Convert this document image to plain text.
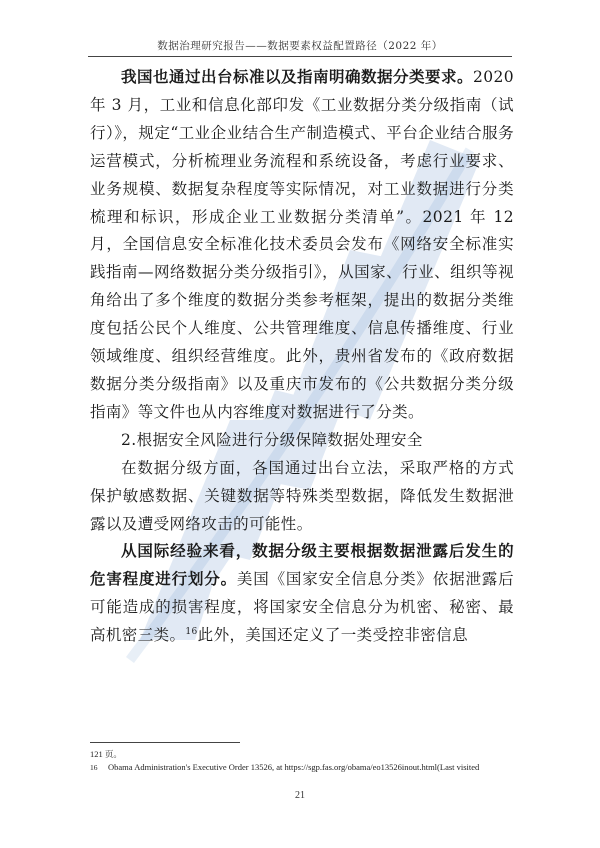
数据治理研究报告——数据要素权益配置路径（2022 年）

我国也通过出台标准以及指南明确数据分类要求。2020 年 3 月，工业和信息化部印发《工业数据分类分级指南（试行）》，规定“工业企业结合生产制造模式、平台企业结合服务运营模式，分析梳理业务流程和系统设备，考虑行业要求、业务规模、数据复杂程度等实际情况，对工业数据进行分类梳理和标识，形成企业工业数据分类清单”。2021 年 12 月，全国信息安全标准化技术委员会发布《网络安全标准实践指南—网络数据分类分级指引》，从国家、行业、组织等视角给出了多个维度的数据分类参考框架，提出的数据分类维度包括公民个人维度、公共管理维度、信息传播维度、行业领域维度、组织经营维度。此外，贵州省发布的《政府数据 数据分类分级指南》以及重庆市发布的《公共数据分类分级指南》等文件也从内容维度对数据进行了分类。

2.根据安全风险进行分级保障数据处理安全

在数据分级方面，各国通过出台立法，采取严格的方式保护敏感数据、关键数据等特殊类型数据，降低发生数据泄露以及遭受网络攻击的可能性。

从国际经验来看，数据分级主要根据数据泄露后发生的危害程度进行划分。美国《国家安全信息分类》依据泄露后可能造成的损害程度，将国家安全信息分为机密、秘密、最高机密三类。$^{16}$此外，美国还定义了一类受控非密信息

121 页。
16 Obama Administration's Executive Order 13526, at https://sgp.fas.org/obama/eo13526inout.html(Last visited
21
